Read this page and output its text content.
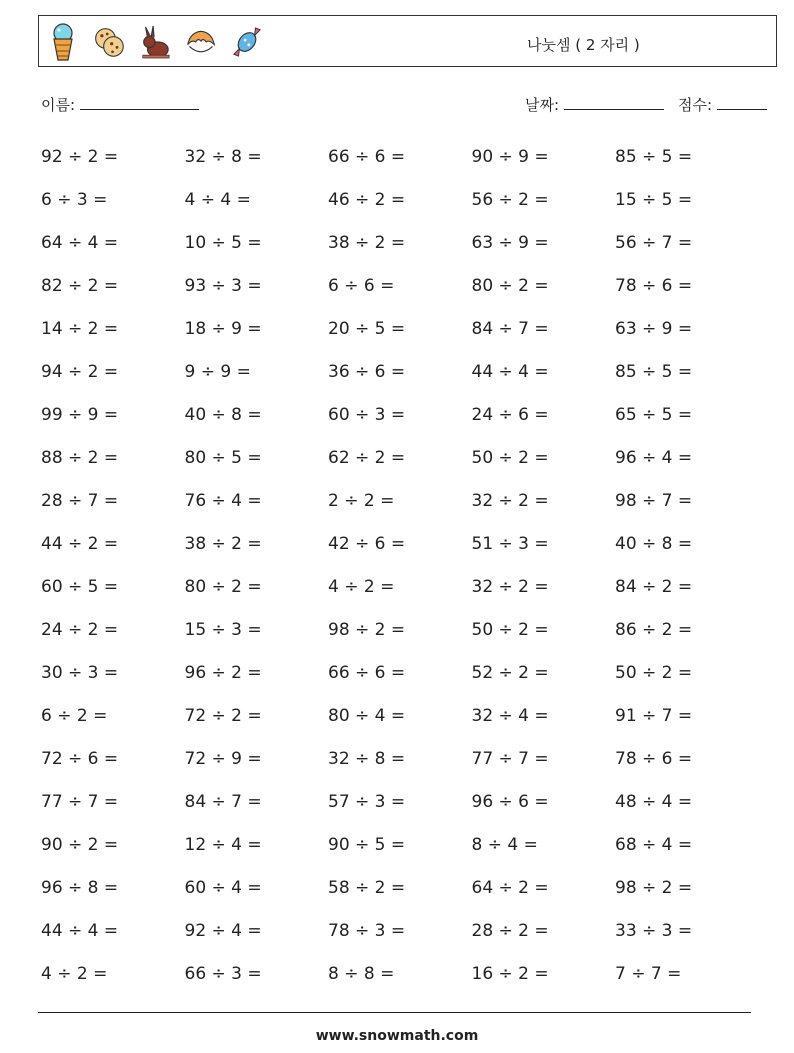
나눗셈 ( 2 자리 )
이름:	날짜:	점수:
92 ÷ 2 =	32 ÷ 8 =	66 ÷ 6 =	90 ÷ 9 =	85 ÷ 5 =
6 ÷ 3 =	4 ÷ 4 =	46 ÷ 2 =	56 ÷ 2 =	15 ÷ 5 =
64 ÷ 4 =	10 ÷ 5 =	38 ÷ 2 =	63 ÷ 9 =	56 ÷ 7 =
82 ÷ 2 =	93 ÷ 3 =	6 ÷ 6 =	80 ÷ 2 =	78 ÷ 6 =
14 ÷ 2 =	18 ÷ 9 =	20 ÷ 5 =	84 ÷ 7 =	63 ÷ 9 =
94 ÷ 2 =	9 ÷ 9 =	36 ÷ 6 =	44 ÷ 4 =	85 ÷ 5 =
99 ÷ 9 =	40 ÷ 8 =	60 ÷ 3 =	24 ÷ 6 =	65 ÷ 5 =
88 ÷ 2 =	80 ÷ 5 =	62 ÷ 2 =	50 ÷ 2 =	96 ÷ 4 =
28 ÷ 7 =	76 ÷ 4 =	2 ÷ 2 =	32 ÷ 2 =	98 ÷ 7 =
44 ÷ 2 =	38 ÷ 2 =	42 ÷ 6 =	51 ÷ 3 =	40 ÷ 8 =
60 ÷ 5 =	80 ÷ 2 =	4 ÷ 2 =	32 ÷ 2 =	84 ÷ 2 =
24 ÷ 2 =	15 ÷ 3 =	98 ÷ 2 =	50 ÷ 2 =	86 ÷ 2 =
30 ÷ 3 =	96 ÷ 2 =	66 ÷ 6 =	52 ÷ 2 =	50 ÷ 2 =
6 ÷ 2 =	72 ÷ 2 =	80 ÷ 4 =	32 ÷ 4 =	91 ÷ 7 =
72 ÷ 6 =	72 ÷ 9 =	32 ÷ 8 =	77 ÷ 7 =	78 ÷ 6 =
77 ÷ 7 =	84 ÷ 7 =	57 ÷ 3 =	96 ÷ 6 =	48 ÷ 4 =
90 ÷ 2 =	12 ÷ 4 =	90 ÷ 5 =	8 ÷ 4 =	68 ÷ 4 =
96 ÷ 8 =	60 ÷ 4 =	58 ÷ 2 =	64 ÷ 2 =	98 ÷ 2 =
44 ÷ 4 =	92 ÷ 4 =	78 ÷ 3 =	28 ÷ 2 =	33 ÷ 3 =
4 ÷ 2 =	66 ÷ 3 =	8 ÷ 8 =	16 ÷ 2 =	7 ÷ 7 =
www.snowmath.com
